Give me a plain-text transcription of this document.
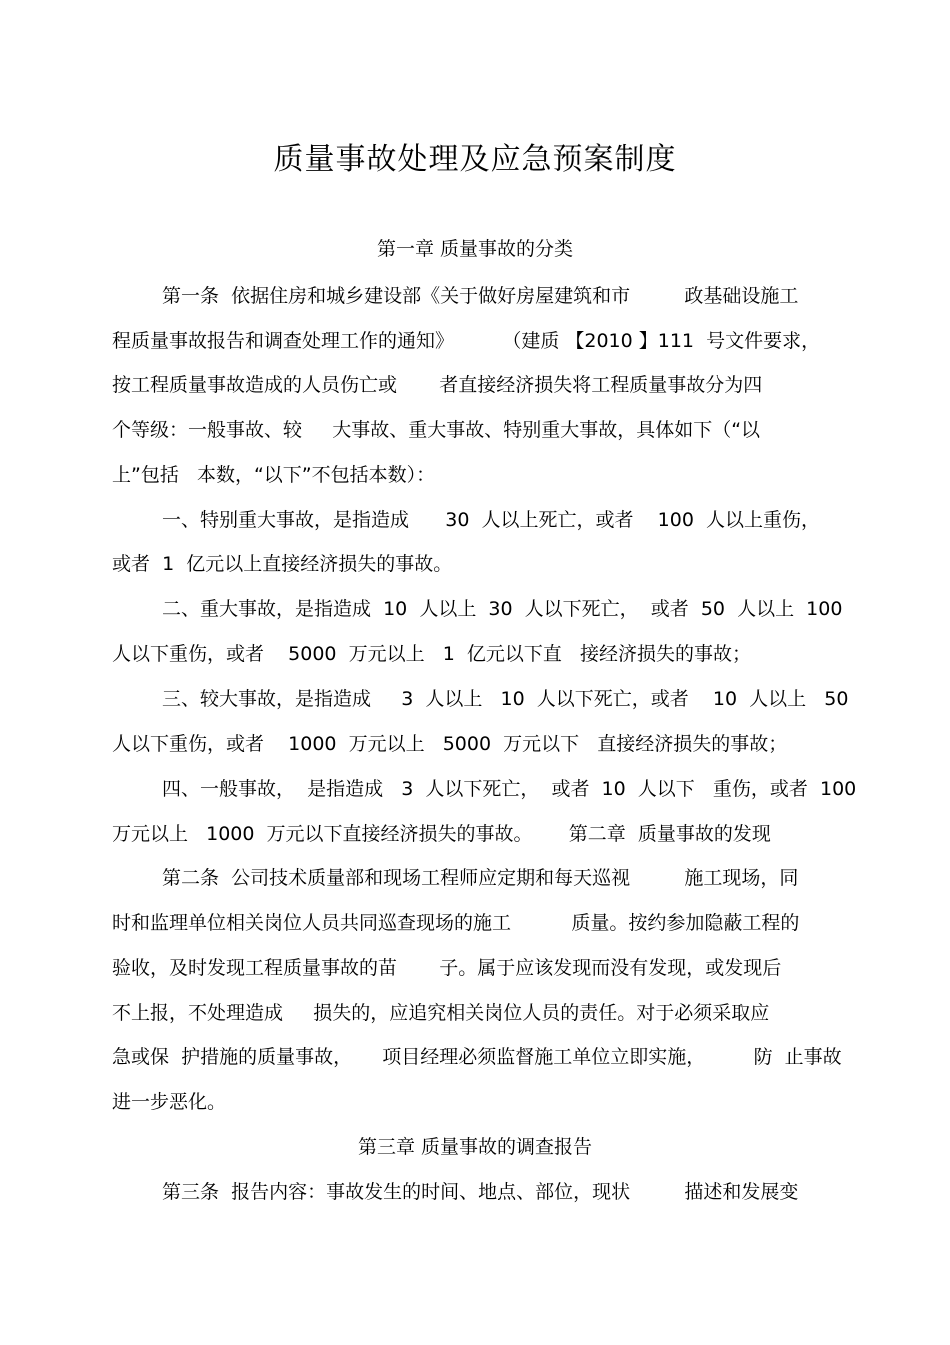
质量事故处理及应急预案制度
第一章 质量事故的分类
第一条  依据住房和城乡建设部《关于做好房屋建筑和市         政基础设施工
程质量事故报告和调查处理工作的通知》        （建质 【2010 】111  号文件要求，
按工程质量事故造成的人员伤亡或       者直接经济损失将工程质量事故分为四
个等级：一般事故、较     大事故、重大事故、特别重大事故，具体如下（“以
上”包括   本数，“以下”不包括本数）：
一、特别重大事故，是指造成      30  人以上死亡，或者    100  人以上重伤，
或者  1  亿元以上直接经济损失的事故。
二、重大事故，是指造成  10  人以上  30  人以下死亡，  或者  50  人以上  100
人以下重伤，或者    5000  万元以上   1  亿元以下直   接经济损失的事故；
三、较大事故，是指造成     3  人以上   10  人以下死亡，或者    10  人以上   50
人以下重伤，或者    1000  万元以上   5000  万元以下   直接经济损失的事故；
四、一般事故，  是指造成   3  人以下死亡，  或者  10  人以下   重伤，或者  100
万元以上   1000  万元以下直接经济损失的事故。      第二章  质量事故的发现
第二条  公司技术质量部和现场工程师应定期和每天巡视         施工现场，同
时和监理单位相关岗位人员共同巡查现场的施工          质量。按约参加隐蔽工程的
验收，及时发现工程质量事故的苗       子。属于应该发现而没有发现，或发现后
不上报，不处理造成     损失的，应追究相关岗位人员的责任。对于必须采取应
急或保  护措施的质量事故，     项目经理必须监督施工单位立即实施，        防  止事故
进一步恶化。
第三章 质量事故的调查报告
第三条  报告内容：事故发生的时间、地点、部位，现状         描述和发展变
